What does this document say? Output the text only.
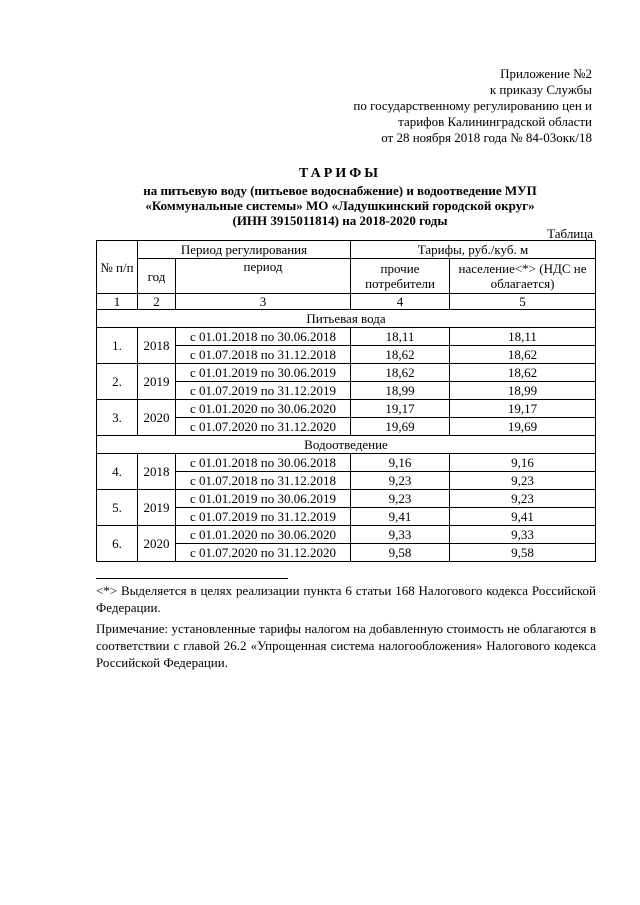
Приложение №2
к приказу Службы
по государственному регулированию цен и
тарифов Калининградской области
от 28 ноября 2018 года № 84-03окк/18
ТАРИФЫ
на питьевую воду (питьевое водоснабжение) и водоотведение МУП
«Коммунальные системы» МО «Ладушкинский городской округ»
(ИНН 3915011814) на 2018-2020 годы
Таблица
№ п/п	Период регулирования		Тарифы, руб./куб. м	
	год	период	прочие потребители	население<*> (НДС не облагается)
1	2	3	4	5
Питьевая вода				
1.	2018	с 01.01.2018 по 30.06.2018	18,11	18,11
		с 01.07.2018 по 31.12.2018	18,62	18,62
2.	2019	с 01.01.2019 по 30.06.2019	18,62	18,62
		с 01.07.2019 по 31.12.2019	18,99	18,99
3.	2020	с 01.01.2020 по 30.06.2020	19,17	19,17
		с 01.07.2020 по 31.12.2020	19,69	19,69
Водоотведение				
4.	2018	с 01.01.2018 по 30.06.2018	9,16	9,16
		с 01.07.2018 по 31.12.2018	9,23	9,23
5.	2019	с 01.01.2019 по 30.06.2019	9,23	9,23
		с 01.07.2019 по 31.12.2019	9,41	9,41
6.	2020	с 01.01.2020 по 30.06.2020	9,33	9,33
		с 01.07.2020 по 31.12.2020	9,58	9,58
<*> Выделяется в целях реализации пункта 6 статьи 168 Налогового кодекса Российской Федерации.
Примечание: установленные тарифы налогом на добавленную стоимость не облагаются в соответствии с главой 26.2 «Упрощенная система налогообложения» Налогового кодекса Российской Федерации.
